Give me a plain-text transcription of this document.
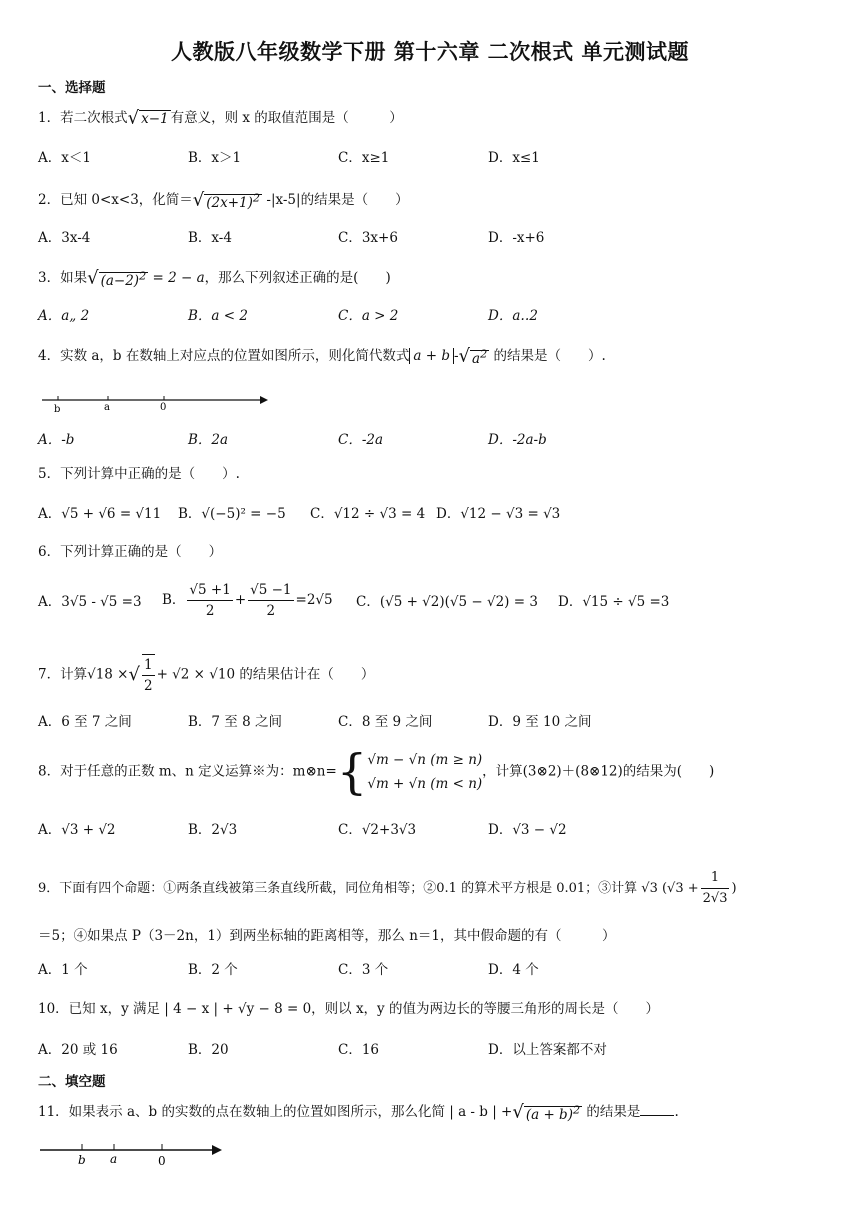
人教版八年级数学下册 第十六章 二次根式 单元测试题
一、选择题
1．若二次根式√ x−1 有意义，则 x 的取值范围是（　　　）
A．x＜1	B．x＞1	C．x≥1	D．x≤1
2．已知 0<x<3，化简＝√ $(2x+1)^2$ -|x-5|的结果是（　　）
A．3x-4	B．x-4	C．3x+6	D．-x+6
3．如果√ $(a-2)^2 = 2 - a$，那么下列叙述正确的是(　　)
A．a„ 2	B．a < 2	C．a > 2	D．a‥2
4．实数 a，b 在数轴上对应点的位置如图所示，则化简代数式 a + b -√ $a^2$ 的结果是（　　）.
b	a	0
A．-b	B．2a	C．-2a	D．-2a-b
5．下列计算中正确的是（　　）.
A．√5 + √6 = √11 B．√(−5)² = −5 C．√12 ÷ √3 = 4 D．√12 − √3 = √3
6．下列计算正确的是（　　）
A．3√5 - √5 =3 B． $\frac{√5 +1}{2} + \frac{√5 -1}{2} =2√5$ C．(√5 + √2)(√5 − √2) = 3 D．√15 ÷ √5 =3
7．计算√18 ×√ $\frac{1}{2} + √2 \times √10$ 的结果估计在（　　）
A．6 至 7 之间	B．7 至 8 之间	C．8 至 9 之间	D．9 至 10 之间
8．对于任意的正数 m、n 定义运算※为：m⊗n={ √m − √n (m ≥ n)
√m + √n (m < n)
，计算(3⊗2)＋(8⊗12)的结果为(　　)
A．√3 + √2	B．2√3	C．√2+3√3	D．√3 − √2
9．下面有四个命题：①两条直线被第三条直线所截，同位角相等；②0.1 的算术平方根是 0.01；③计算 √3 ($√3 + \frac{1}{2√3}$ )
＝5；④如果点 P（3－2n，1）到两坐标轴的距离相等，那么 n＝1，其中假命题的有（　　　）
A．1 个	B．2 个	C．3 个	D．4 个
10．已知 x，y 满足 | 4 − x | + √y − 8 = 0，则以 x，y 的值为两边长的等腰三角形的周长是（　　）
A．20 或 16	B．20	C．16	D．以上答案都不对
二、填空题
11．如果表示 a、b 的实数的点在数轴上的位置如图所示，那么化简 | a - b | +√ $(a + b)^2$ 的结果是	.
b a	0
